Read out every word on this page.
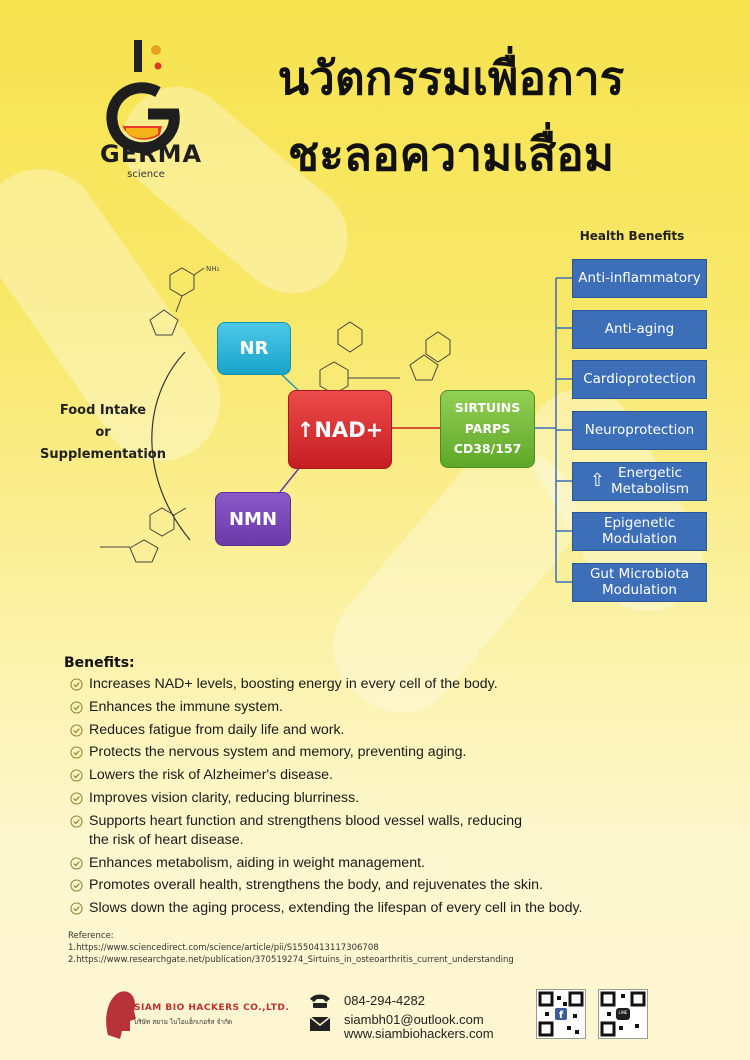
GERMA
science
นวัตกรรมเพื่อการ
ชะลอความเสื่อม
NH₂
Food Intake
or
Supplementation
NR
NMN
↑NAD+
SIRTUINS
PARPS
CD38/157
Health Benefits
Anti-inflammatory
Anti-aging
Cardioprotection
Neuroprotection
⇧ Energetic
Metabolism
Epigenetic
Modulation
Gut Microbiota
Modulation
Benefits:
Increases NAD+ levels, boosting energy in every cell of the body.
Enhances the immune system.
Reduces fatigue from daily life and work.
Protects the nervous system and memory, preventing aging.
Lowers the risk of Alzheimer's disease.
Improves vision clarity, reducing blurriness.
Supports heart function and strengthens blood vessel walls, reducing
the risk of heart disease.
Enhances metabolism, aiding in weight management.
Promotes overall health, strengthens the body, and rejuvenates the skin.
Slows down the aging process, extending the lifespan of every cell in the body.
Reference:
1.https://www.sciencedirect.com/science/article/pii/S1550413117306708
2.https://www.researchgate.net/publication/370519274_Sirtuins_in_osteoarthritis_current_understanding
SIAM BIO HACKERS CO.,LTD.
บริษัท สยาม ไบโอแฮ็กเกอร์ส จำกัด
084-294-4282
siambh01@outlook.com
www.siambiohackers.com
f	LINE
